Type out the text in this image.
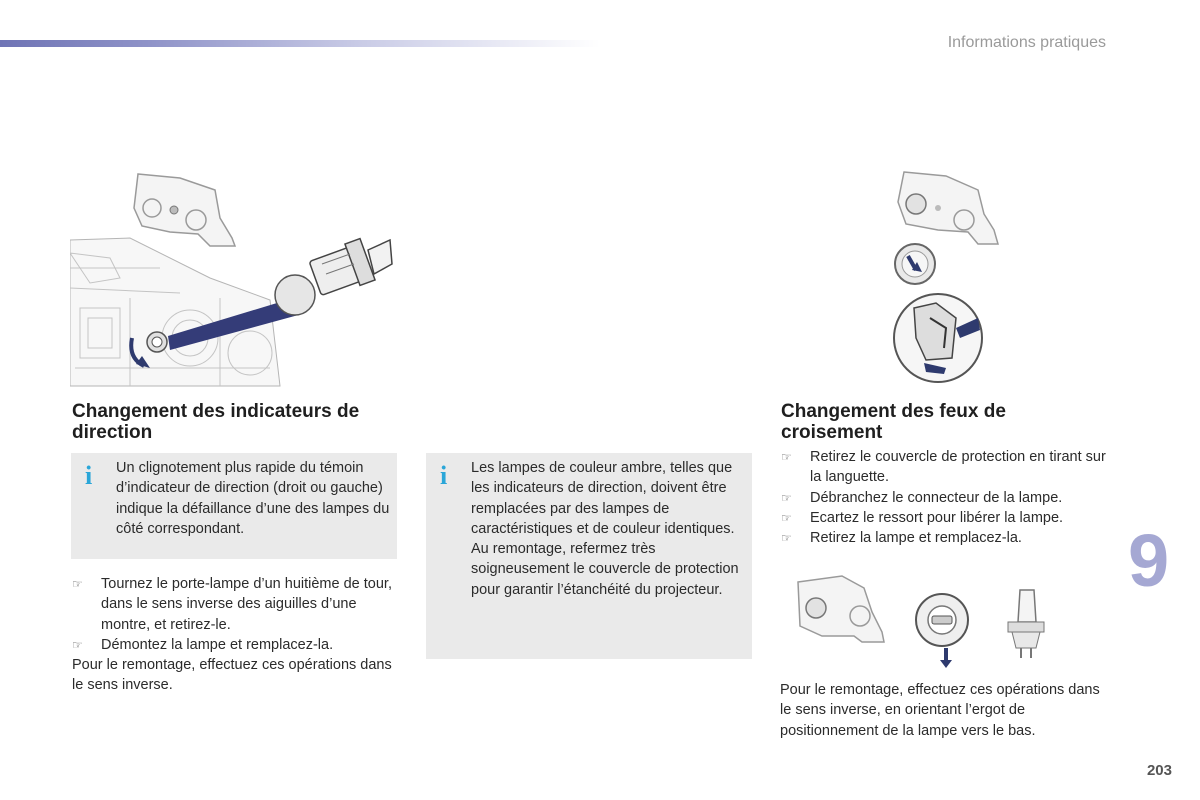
Informations pratiques
Changement des indicateurs de direction
i Un clignotement plus rapide du témoin d’indicateur de direction (droit ou gauche) indique la défaillance d’une des lampes du côté correspondant.
☞ Tournez le porte-lampe d’un huitième de tour, dans le sens inverse des aiguilles d’une montre, et retirez-le.
☞ Démontez la lampe et remplacez-la.
Pour le remontage, effectuez ces opérations dans le sens inverse.
i Les lampes de couleur ambre, telles que les indicateurs de direction, doivent être remplacées par des lampes de caractéristiques et de couleur identiques.

Au remontage, refermez très soigneusement le couvercle de protection pour garantir l’étanchéité du projecteur.

Changement des feux de croisement
☞ Retirez le couvercle de protection en tirant sur la languette.
☞ Débranchez le connecteur de la lampe.
☞ Ecartez le ressort pour libérer la lampe.
☞ Retirez la lampe et remplacez-la.
Pour le remontage, effectuez ces opérations dans le sens inverse, en orientant l’ergot de positionnement de la lampe vers le bas.
9
203
